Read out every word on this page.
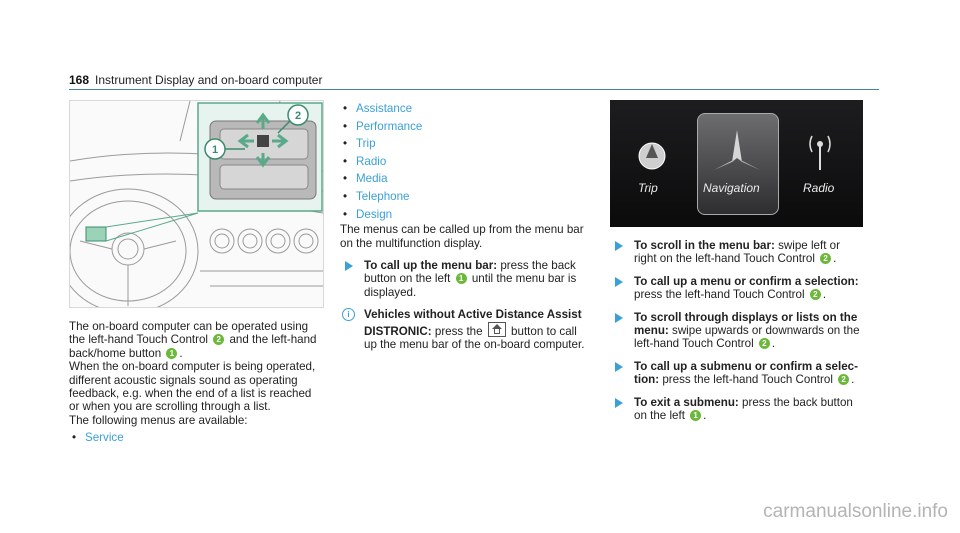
168 Instrument Display and on-board computer
2
1

The on-board computer can be operated using
the left-hand Touch Control 2 and the left-hand
back/home button 1 .

When the on-board computer is being operated,
different acoustic signals sound as operating
feedback, e.g. when the end of a list is reached
or when you are scrolling through a list.

The following menus are available:

• Service
• Assistance
• Performance
• Trip
• Radio
• Media
• Telephone
• Design

The menus can be called up from the menu bar
on the multifunction display.

To call up the menu bar: press the back
button on the left 1 until the menu bar is
displayed.
i	Vehicles without Active Distance Assist
DISTRONIC: press the button to call
up the menu bar of the on-board computer.
Trip	Navigation	Radio
To scroll in the menu bar: swipe left or
right on the left-hand Touch Control 2 .
To call up a menu or confirm a selection:
press the left-hand Touch Control 2 .
To scroll through displays or lists on the
menu: swipe upwards or downwards on the
left-hand Touch Control 2 .
To call up a submenu or confirm a selec-
tion: press the left-hand Touch Control 2 .
To exit a submenu: press the back button
on the left 1 .
carmanualsonline.info
